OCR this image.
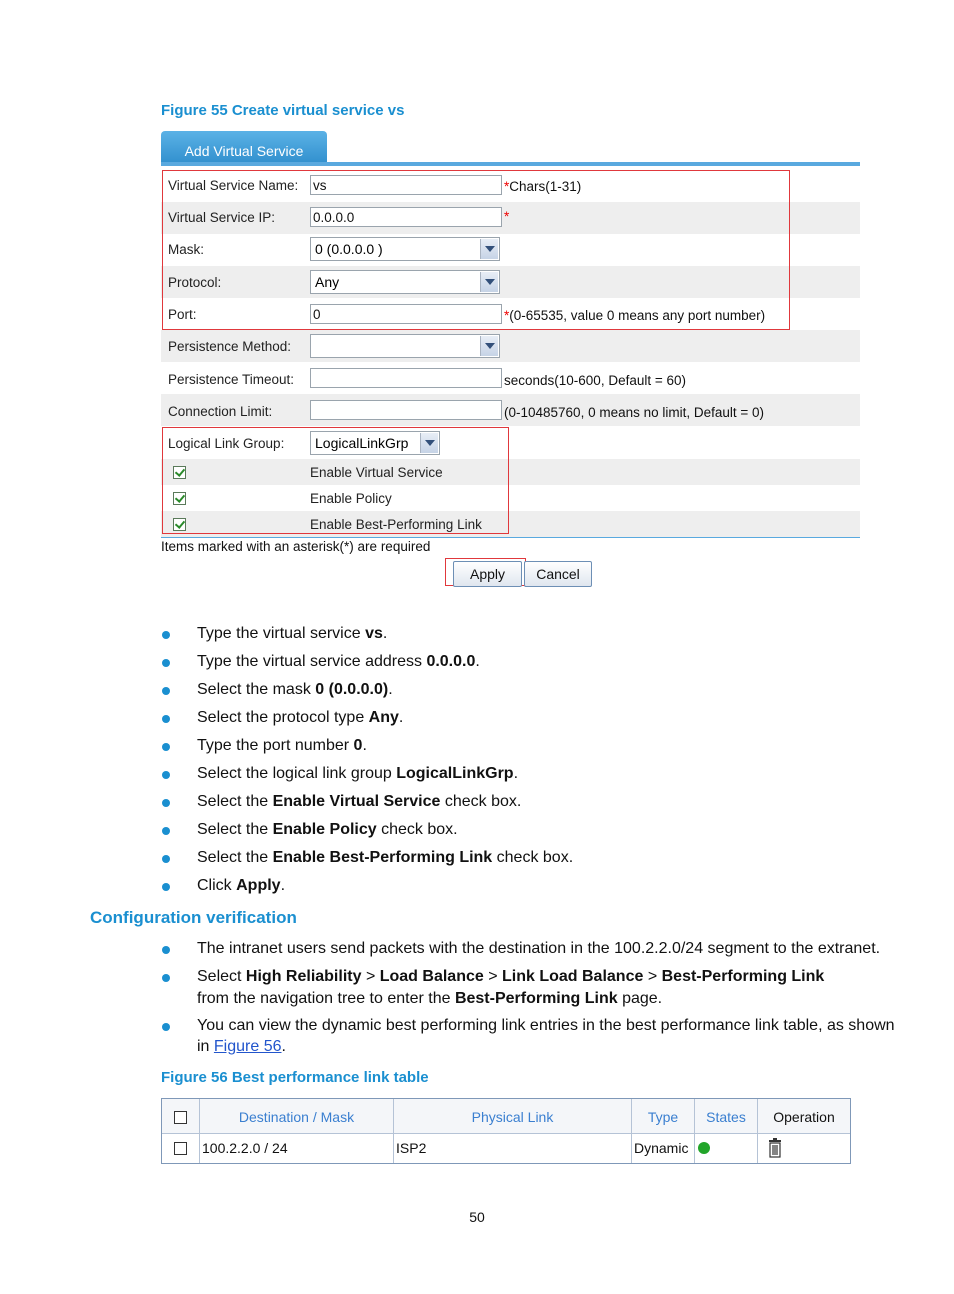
Figure 55 Create virtual service vs
Add Virtual Service
Virtual Service Name: vs	*Chars(1-31)
Virtual Service IP:	0.0.0.0	*
Mask:	0 (0.0.0.0 )
Protocol:	Any
Port:	0	*(0-65535, value 0 means any port number)
Persistence Method:
Persistence Timeout:	seconds(10-600, Default = 60)
Connection Limit:	(0-10485760, 0 means no limit, Default = 0)
Logical Link Group:	LogicalLinkGrp
Enable Virtual Service
Enable Policy
Enable Best-Performing Link
Items marked with an asterisk(*) are required
Apply	Cancel
Type the virtual service vs.
Type the virtual service address 0.0.0.0.
Select the mask 0 (0.0.0.0).
Select the protocol type Any.
Type the port number 0.
Select the logical link group LogicalLinkGrp.
Select the Enable Virtual Service check box.
Select the Enable Policy check box.
Select the Enable Best-Performing Link check box.
Click Apply.
Configuration verification
The intranet users send packets with the destination in the 100.2.2.0/24 segment to the extranet.
Select High Reliability > Load Balance > Link Load Balance > Best-Performing Link
from the navigation tree to enter the Best-Performing Link page.
You can view the dynamic best performing link entries in the best performance link table, as shown
in Figure 56.
Figure 56 Best performance link table
Destination / Mask	Physical Link	Type	States	Operation
100.2.2.0 / 24	ISP2	Dynamic
50
